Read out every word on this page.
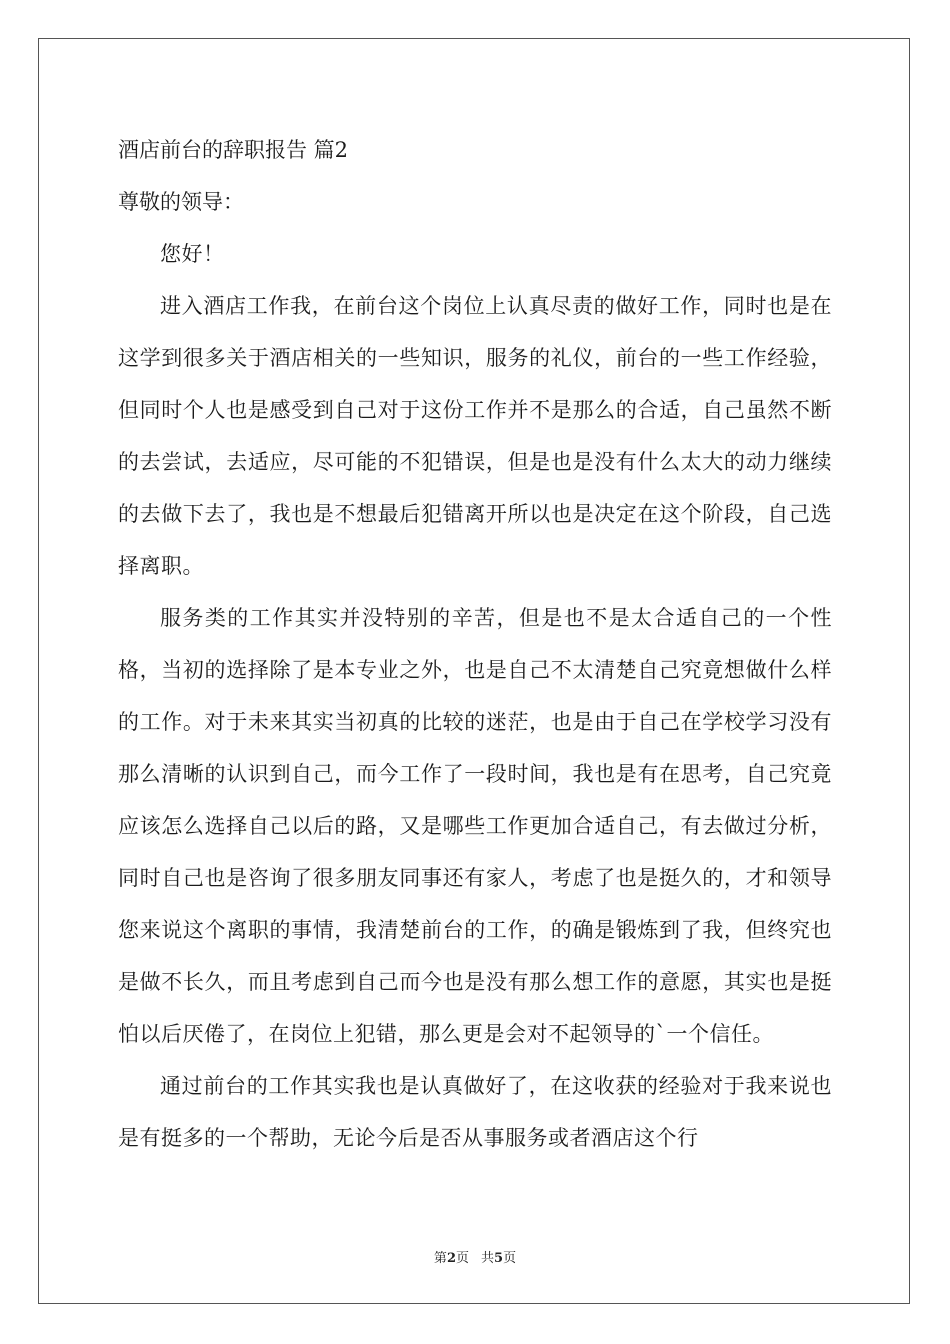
酒店前台的辞职报告 篇2
尊敬的领导：

您好！

进入酒店工作我，在前台这个岗位上认真尽责的做好工作，同时也是在这学到很多关于酒店相关的一些知识，服务的礼仪，前台的一些工作经验，但同时个人也是感受到自己对于这份工作并不是那么的合适，自己虽然不断的去尝试，去适应，尽可能的不犯错误，但是也是没有什么太大的动力继续的去做下去了，我也是不想最后犯错离开所以也是决定在这个阶段，自己选择离职。

服务类的工作其实并没特别的辛苦，但是也不是太合适自己的一个性格，当初的选择除了是本专业之外，也是自己不太清楚自己究竟想做什么样的工作。对于未来其实当初真的比较的迷茫，也是由于自己在学校学习没有那么清晰的认识到自己，而今工作了一段时间，我也是有在思考，自己究竟应该怎么选择自己以后的路，又是哪些工作更加合适自己，有去做过分析，同时自己也是咨询了很多朋友同事还有家人，考虑了也是挺久的，才和领导您来说这个离职的事情，我清楚前台的工作，的确是锻炼到了我，但终究也是做不长久，而且考虑到自己而今也是没有那么想工作的意愿，其实也是挺怕以后厌倦了，在岗位上犯错，那么更是会对不起领导的`一个信任。

通过前台的工作其实我也是认真做好了，在这收获的经验对于我来说也是有挺多的一个帮助，无论今后是否从事服务或者酒店这个行

第2页 共5页
